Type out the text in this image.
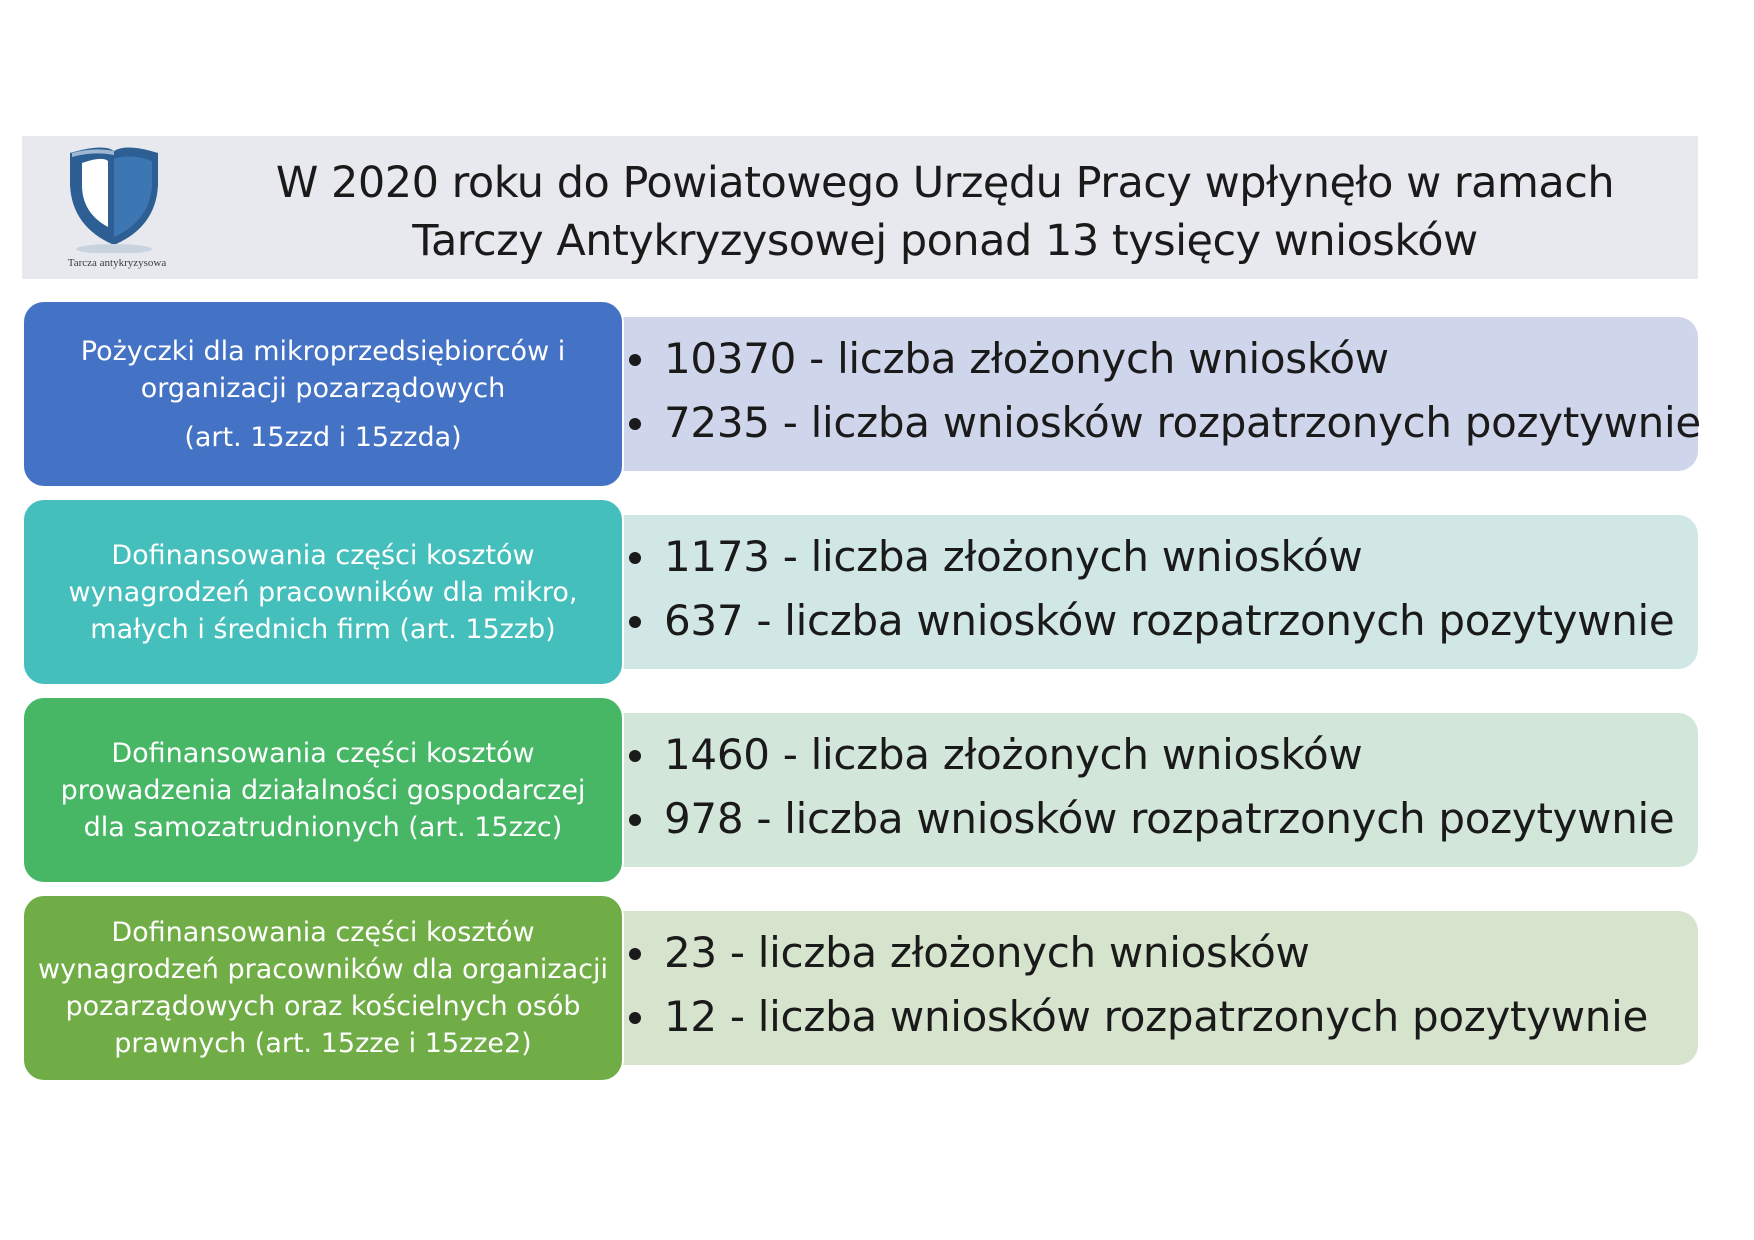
Tarcza antykryzysowa
W 2020 roku do Powiatowego Urzędu Pracy wpłynęło w ramach
Tarczy Antykryzysowej ponad 13 tysięcy wniosków
10370 - liczba złożonych wniosków
7235 - liczba wniosków rozpatrzonych pozytywnie
Pożyczki dla mikroprzedsiębiorców i organizacji pozarządowych
(art. 15zzd i 15zzda)
1173 - liczba złożonych wniosków
637 - liczba wniosków rozpatrzonych pozytywnie
Dofinansowania części kosztów wynagrodzeń pracowników dla mikro, małych i średnich firm (art. 15zzb)
1460 - liczba złożonych wniosków
978 - liczba wniosków rozpatrzonych pozytywnie
Dofinansowania części kosztów prowadzenia działalności gospodarczej dla samozatrudnionych (art. 15zzc)
23 - liczba złożonych wniosków
12 - liczba wniosków rozpatrzonych pozytywnie
Dofinansowania części kosztów wynagrodzeń pracowników dla organizacji pozarządowych oraz kościelnych osób prawnych (art. 15zze i 15zze2)
